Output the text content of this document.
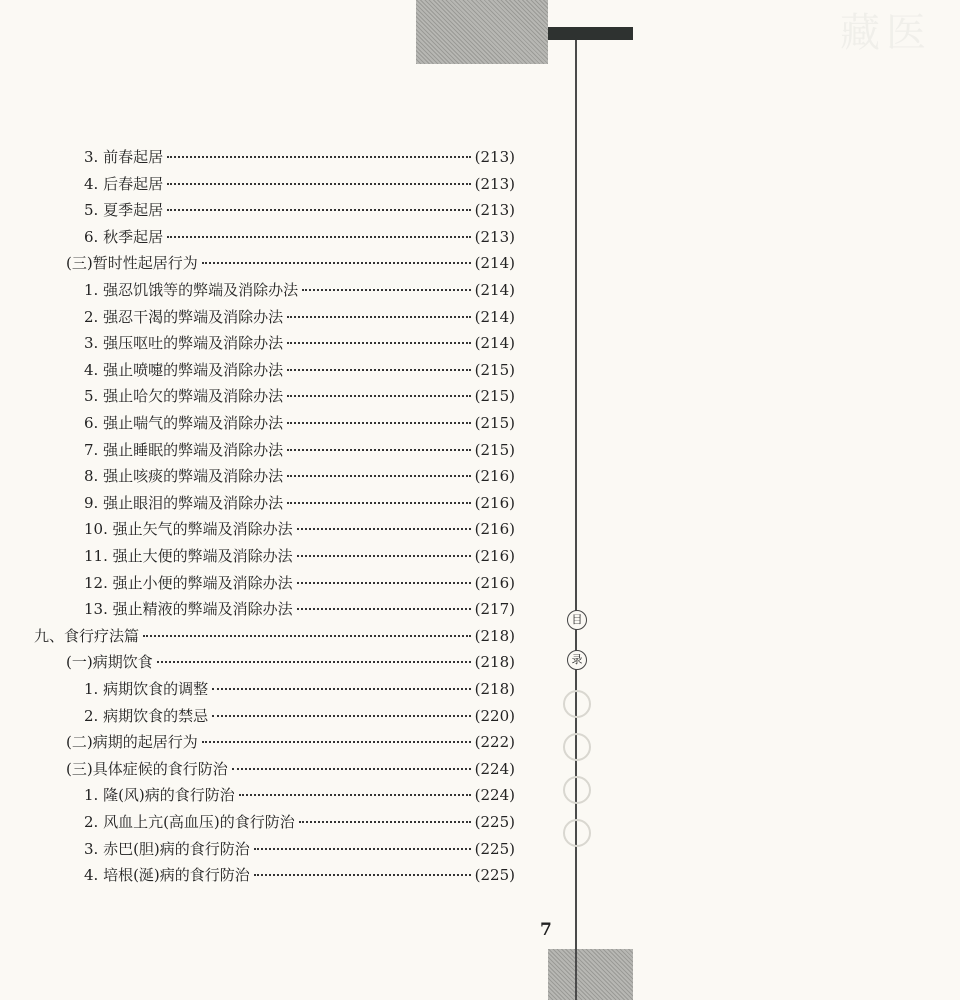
藏医
目
录
3. 前春起居	(213)
4. 后春起居	(213)
5. 夏季起居	(213)
6. 秋季起居	(213)
(三)暂时性起居行为	(214)
1. 强忍饥饿等的弊端及消除办法	(214)
2. 强忍干渴的弊端及消除办法	(214)
3. 强压呕吐的弊端及消除办法	(214)
4. 强止喷嚏的弊端及消除办法	(215)
5. 强止哈欠的弊端及消除办法	(215)
6. 强止喘气的弊端及消除办法	(215)
7. 强止睡眠的弊端及消除办法	(215)
8. 强止咳痰的弊端及消除办法	(216)
9. 强止眼泪的弊端及消除办法	(216)
10. 强止矢气的弊端及消除办法	(216)
11. 强止大便的弊端及消除办法	(216)
12. 强止小便的弊端及消除办法	(216)
13. 强止精液的弊端及消除办法	(217)
九、食行疗法篇	(218)
(一)病期饮食	(218)
1. 病期饮食的调整	(218)
2. 病期饮食的禁忌	(220)
(二)病期的起居行为	(222)
(三)具体症候的食行防治	(224)
1. 隆(风)病的食行防治	(224)
2. 风血上亢(高血压)的食行防治	(225)
3. 赤巴(胆)病的食行防治	(225)
4. 培根(涎)病的食行防治	(225)
7
